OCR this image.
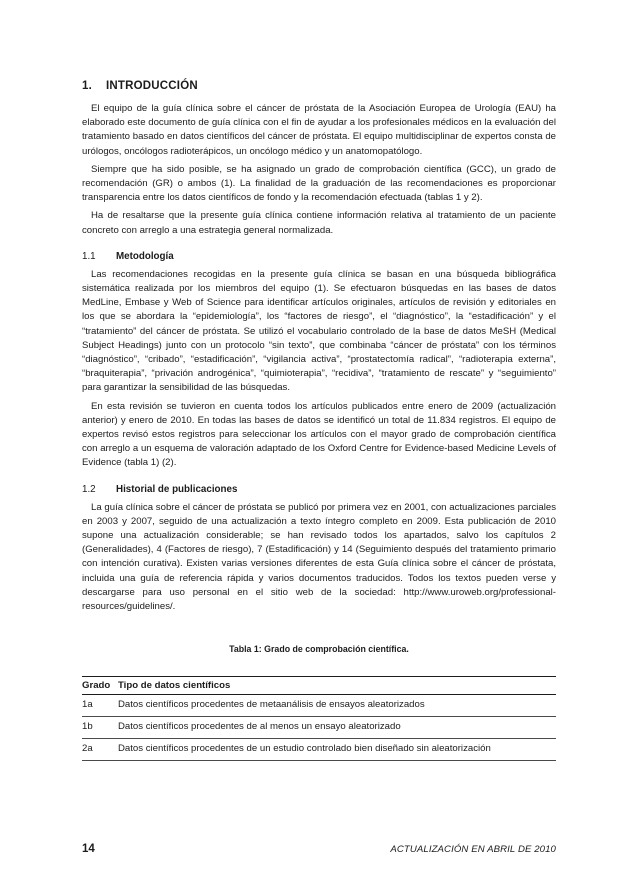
1. INTRODUCCIÓN

El equipo de la guía clínica sobre el cáncer de próstata de la Asociación Europea de Urología (EAU) ha elaborado este documento de guía clínica con el fin de ayudar a los profesionales médicos en la evaluación del tratamiento basado en datos científicos del cáncer de próstata. El equipo multidisciplinar de expertos consta de urólogos, oncólogos radioterápicos, un oncólogo médico y un anatomopatólogo.

Siempre que ha sido posible, se ha asignado un grado de comprobación científica (GCC), un grado de recomendación (GR) o ambos (1). La finalidad de la graduación de las recomendaciones es proporcionar transparencia entre los datos científicos de fondo y la recomendación efectuada (tablas 1 y 2).

Ha de resaltarse que la presente guía clínica contiene información relativa al tratamiento de un paciente concreto con arreglo a una estrategia general normalizada.

1.1 Metodología

Las recomendaciones recogidas en la presente guía clínica se basan en una búsqueda bibliográfica sistemática realizada por los miembros del equipo (1). Se efectuaron búsquedas en las bases de datos MedLine, Embase y Web of Science para identificar artículos originales, artículos de revisión y editoriales en los que se abordara la “epidemiología”, los “factores de riesgo”, el “diagnóstico”, la “estadificación” y el “tratamiento” del cáncer de próstata. Se utilizó el vocabulario controlado de la base de datos MeSH (Medical Subject Headings) junto con un protocolo “sin texto”, que combinaba “cáncer de próstata” con los términos “diagnóstico”, “cribado”, “estadificación”, “vigilancia activa”, “prostatectomía radical”, “radioterapia externa”, “braquiterapia”, “privación androgénica”, “quimioterapia”, “recidiva”, “tratamiento de rescate” y “seguimiento” para garantizar la sensibilidad de las búsquedas.

En esta revisión se tuvieron en cuenta todos los artículos publicados entre enero de 2009 (actualización anterior) y enero de 2010. En todas las bases de datos se identificó un total de 11.834 registros. El equipo de expertos revisó estos registros para seleccionar los artículos con el mayor grado de comprobación científica con arreglo a un esquema de valoración adaptado de los Oxford Centre for Evidence-based Medicine Levels of Evidence (tabla 1) (2).

1.2 Historial de publicaciones

La guía clínica sobre el cáncer de próstata se publicó por primera vez en 2001, con actualizaciones parciales en 2003 y 2007, seguido de una actualización a texto íntegro completo en 2009. Esta publicación de 2010 supone una actualización considerable; se han revisado todos los apartados, salvo los capítulos 2 (Generalidades), 4 (Factores de riesgo), 7 (Estadificación) y 14 (Seguimiento después del tratamiento primario con intención curativa). Existen varias versiones diferentes de esta Guía clínica sobre el cáncer de próstata, incluida una guía de referencia rápida y varios documentos traducidos. Todos los textos pueden verse y descargarse para uso personal en el sitio web de la sociedad: http://www.uroweb.org/professional-resources/guidelines/.

Tabla 1: Grado de comprobación científica.
Grado	Tipo de datos científicos
1a	Datos científicos procedentes de metaanálisis de ensayos aleatorizados
1b	Datos científicos procedentes de al menos un ensayo aleatorizado
2a	Datos científicos procedentes de un estudio controlado bien diseñado sin aleatorización
14	ACTUALIZACIÓN EN ABRIL DE 2010
